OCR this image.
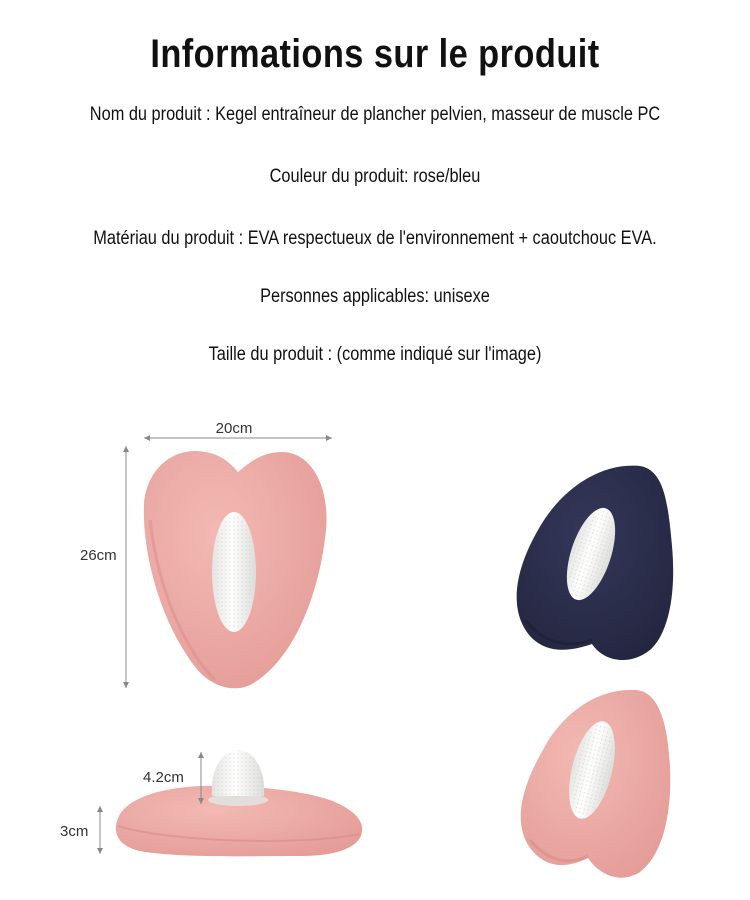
Informations sur le produit
Nom du produit : Kegel entraîneur de plancher pelvien, masseur de muscle PC
Couleur du produit: rose/bleu
Matériau du produit : EVA respectueux de l'environnement + caoutchouc EVA.
Personnes applicables: unisexe
Taille du produit : (comme indiqué sur l'image)
20cm
26cm
4.2cm
3cm
